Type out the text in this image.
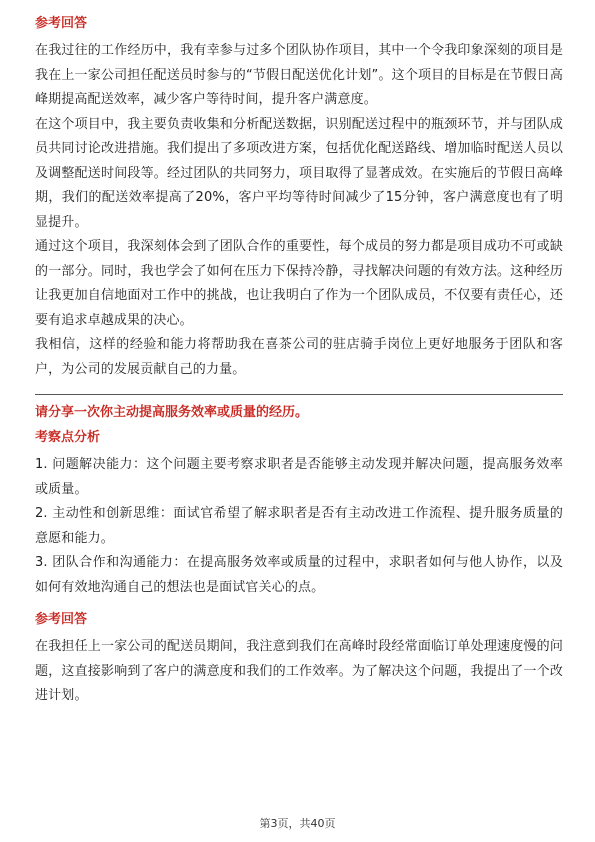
参考回答

在我过往的工作经历中，我有幸参与过多个团队协作项目，其中一个令我印象深刻的项目是我在上一家公司担任配送员时参与的“节假日配送优化计划”。这个项目的目标是在节假日高峰期提高配送效率，减少客户等待时间，提升客户满意度。

在这个项目中，我主要负责收集和分析配送数据，识别配送过程中的瓶颈环节，并与团队成员共同讨论改进措施。我们提出了多项改进方案，包括优化配送路线、增加临时配送人员以及调整配送时间段等。经过团队的共同努力，项目取得了显著成效。在实施后的节假日高峰期，我们的配送效率提高了20%，客户平均等待时间减少了15分钟，客户满意度也有了明显提升。

通过这个项目，我深刻体会到了团队合作的重要性，每个成员的努力都是项目成功不可或缺的一部分。同时，我也学会了如何在压力下保持冷静，寻找解决问题的有效方法。这种经历让我更加自信地面对工作中的挑战，也让我明白了作为一个团队成员，不仅要有责任心，还要有追求卓越成果的决心。

我相信，这样的经验和能力将帮助我在喜茶公司的驻店骑手岗位上更好地服务于团队和客户，为公司的发展贡献自己的力量。

请分享一次你主动提高服务效率或质量的经历。
考察点分析

1. 问题解决能力：这个问题主要考察求职者是否能够主动发现并解决问题，提高服务效率或质量。

2. 主动性和创新思维：面试官希望了解求职者是否有主动改进工作流程、提升服务质量的意愿和能力。

3. 团队合作和沟通能力：在提高服务效率或质量的过程中，求职者如何与他人协作，以及如何有效地沟通自己的想法也是面试官关心的点。

参考回答

在我担任上一家公司的配送员期间，我注意到我们在高峰时段经常面临订单处理速度慢的问题，这直接影响到了客户的满意度和我们的工作效率。为了解决这个问题，我提出了一个改进计划。

第3页，共40页
